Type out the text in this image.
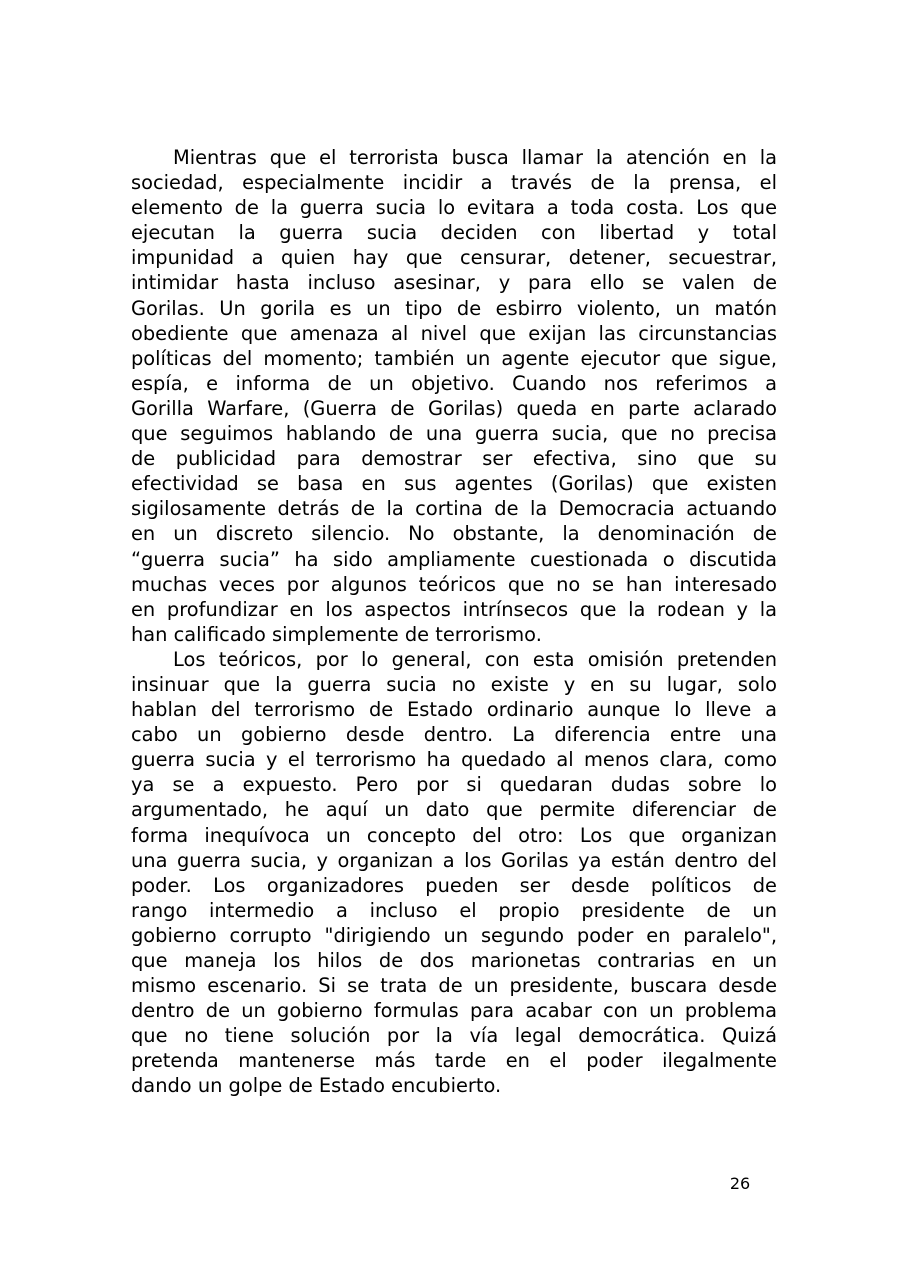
Mientras que el terrorista busca llamar la atención en la
sociedad, especialmente incidir a través de la prensa, el
elemento de la guerra sucia lo evitara a toda costa. Los que
ejecutan la guerra sucia deciden con libertad y total
impunidad a quien hay que censurar, detener, secuestrar,
intimidar hasta incluso asesinar, y para ello se valen de
Gorilas. Un gorila es un tipo de esbirro violento, un matón
obediente que amenaza al nivel que exijan las circunstancias
políticas del momento; también un agente ejecutor que sigue,
espía, e informa de un objetivo. Cuando nos referimos a
Gorilla Warfare, (Guerra de Gorilas) queda en parte aclarado
que seguimos hablando de una guerra sucia, que no precisa
de publicidad para demostrar ser efectiva, sino que su
efectividad se basa en sus agentes (Gorilas) que existen
sigilosamente detrás de la cortina de la Democracia actuando
en un discreto silencio. No obstante, la denominación de
“guerra sucia” ha sido ampliamente cuestionada o discutida
muchas veces por algunos teóricos que no se han interesado
en profundizar en los aspectos intrínsecos que la rodean y la
han calificado simplemente de terrorismo.

Los teóricos, por lo general, con esta omisión pretenden
insinuar que la guerra sucia no existe y en su lugar, solo
hablan del terrorismo de Estado ordinario aunque lo lleve a
cabo un gobierno desde dentro. La diferencia entre una
guerra sucia y el terrorismo ha quedado al menos clara, como
ya se a expuesto. Pero por si quedaran dudas sobre lo
argumentado, he aquí un dato que permite diferenciar de
forma inequívoca un concepto del otro: Los que organizan
una guerra sucia, y organizan a los Gorilas ya están dentro del
poder. Los organizadores pueden ser desde políticos de
rango intermedio a incluso el propio presidente de un
gobierno corrupto "dirigiendo un segundo poder en paralelo",
que maneja los hilos de dos marionetas contrarias en un
mismo escenario. Si se trata de un presidente, buscara desde
dentro de un gobierno formulas para acabar con un problema
que no tiene solución por la vía legal democrática. Quizá
pretenda mantenerse más tarde en el poder ilegalmente
dando un golpe de Estado encubierto.

26
